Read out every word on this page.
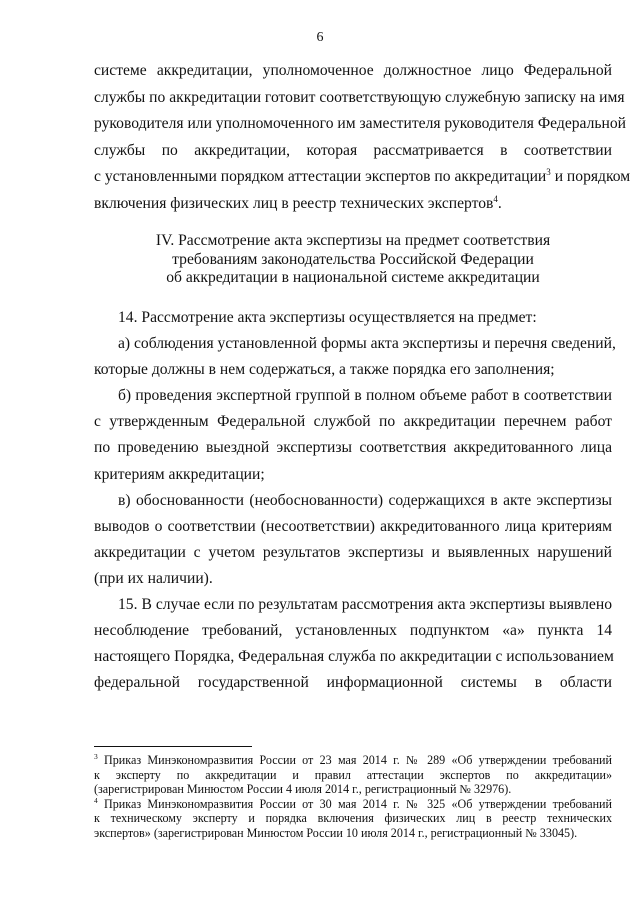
6
системе аккредитации, уполномоченное должностное лицо Федеральной
службы по аккредитации готовит соответствующую служебную записку на имя
руководителя или уполномоченного им заместителя руководителя Федеральной
службы по аккредитации, которая рассматривается в соответствии
с установленными порядком аттестации экспертов по аккредитации$^3$ и порядком
включения физических лиц в реестр технических экспертов$^4$.
IV. Рассмотрение акта экспертизы на предмет соответствия
требованиям законодательства Российской Федерации
об аккредитации в национальной системе аккредитации
14. Рассмотрение акта экспертизы осуществляется на предмет:
а) соблюдения установленной формы акта экспертизы и перечня сведений,
которые должны в нем содержаться, а также порядка его заполнения;
б) проведения экспертной группой в полном объеме работ в соответствии
с утвержденным Федеральной службой по аккредитации перечнем работ
по проведению выездной экспертизы соответствия аккредитованного лица
критериям аккредитации;
в) обоснованности (необоснованности) содержащихся в акте экспертизы
выводов о соответствии (несоответствии) аккредитованного лица критериям
аккредитации с учетом результатов экспертизы и выявленных нарушений
(при их наличии).
15. В случае если по результатам рассмотрения акта экспертизы выявлено
несоблюдение требований, установленных подпунктом «а» пункта 14
настоящего Порядка, Федеральная служба по аккредитации с использованием
федеральной государственной информационной системы в области
$^3$ Приказ Минэкономразвития России от 23 мая 2014 г. № 289 «Об утверждении требований
к эксперту по аккредитации и правил аттестации экспертов по аккредитации»
(зарегистрирован Минюстом России 4 июля 2014 г., регистрационный № 32976).
$^4$ Приказ Минэкономразвития России от 30 мая 2014 г. № 325 «Об утверждении требований
к техническому эксперту и порядка включения физических лиц в реестр технических
экспертов» (зарегистрирован Минюстом России 10 июля 2014 г., регистрационный № 33045).
